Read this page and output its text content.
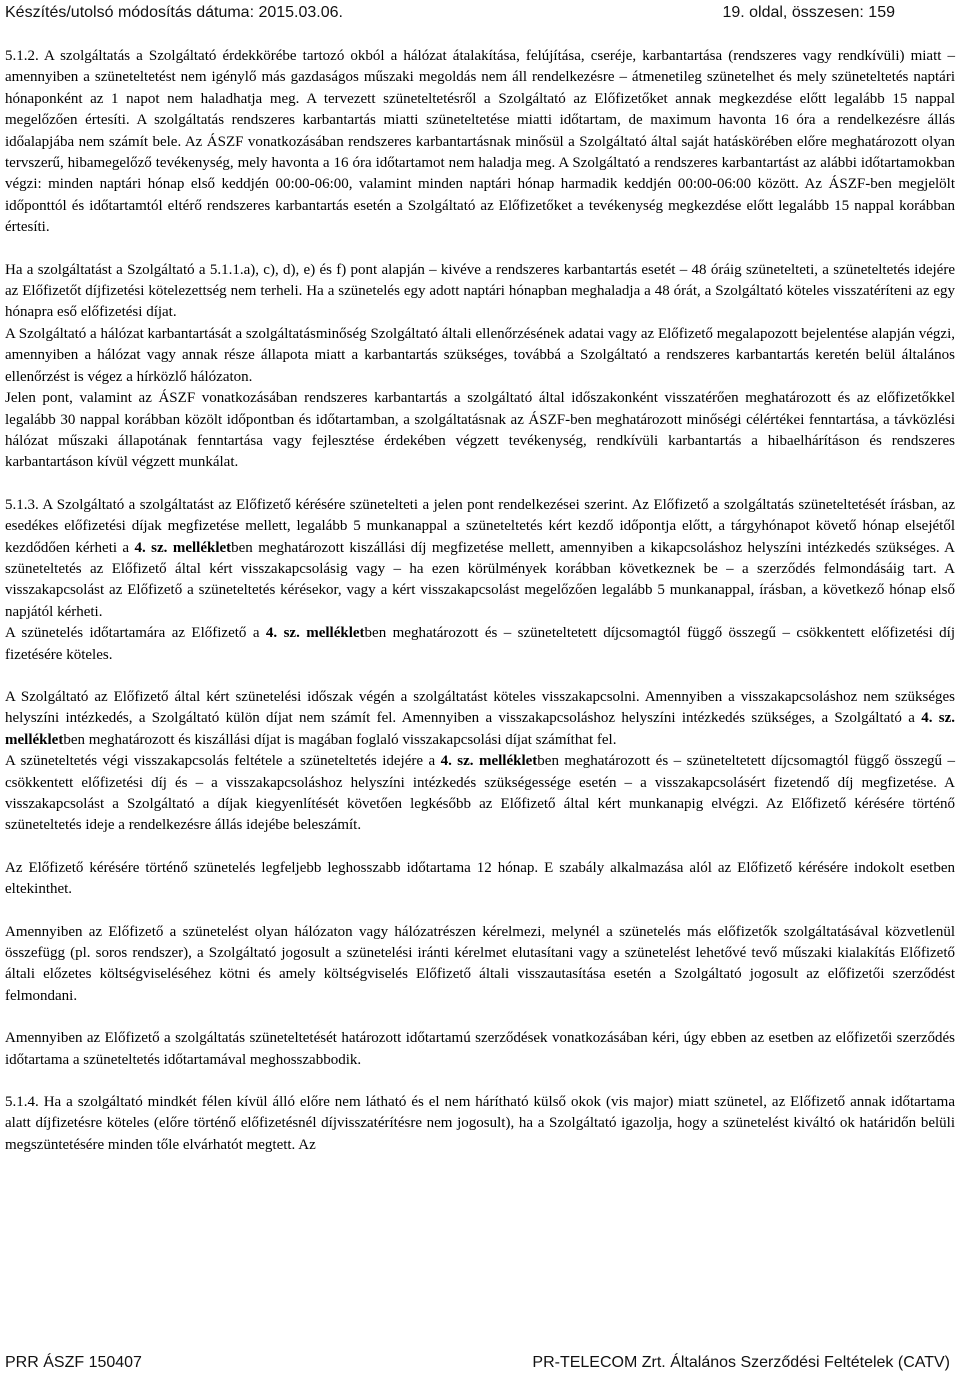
Készítés/utolsó módosítás dátuma: 2015.03.06.	19. oldal, összesen: 159

5.1.2. A szolgáltatás a Szolgáltató érdekkörébe tartozó okból a hálózat átalakítása, felújítása, cseréje, karbantartása (rendszeres vagy rendkívüli) miatt – amennyiben a szüneteltetést nem igénylő más gazdaságos műszaki megoldás nem áll rendelkezésre – átmenetileg szünetelhet és mely szüneteltetés naptári hónaponként az 1 napot nem haladhatja meg. A tervezett szüneteltetésről a Szolgáltató az Előfizetőket annak megkezdése előtt legalább 15 nappal megelőzően értesíti. A szolgáltatás rendszeres karbantartás miatti szüneteltetése miatti időtartam, de maximum havonta 16 óra a rendelkezésre állás időalapjába nem számít bele. Az ÁSZF vonatkozásában rendszeres karbantartásnak minősül a Szolgáltató által saját hatáskörében előre meghatározott olyan tervszerű, hibamegelőző tevékenység, mely havonta a 16 óra időtartamot nem haladja meg. A Szolgáltató a rendszeres karbantartást az alábbi időtartamokban végzi: minden naptári hónap első keddjén 00:00-06:00, valamint minden naptári hónap harmadik keddjén 00:00-06:00 között. Az ÁSZF-ben megjelölt időponttól és időtartamtól eltérő rendszeres karbantartás esetén a Szolgáltató az Előfizetőket a tevékenység megkezdése előtt legalább 15 nappal korábban értesíti.

Ha a szolgáltatást a Szolgáltató a 5.1.1.a), c), d), e) és f) pont alapján – kivéve a rendszeres karbantartás esetét – 48 óráig szünetelteti, a szüneteltetés idejére az Előfizetőt díjfizetési kötelezettség nem terheli. Ha a szünetelés egy adott naptári hónapban meghaladja a 48 órát, a Szolgáltató köteles visszatéríteni az egy hónapra eső előfizetési díjat.

A Szolgáltató a hálózat karbantartását a szolgáltatásminőség Szolgáltató általi ellenőrzésének adatai vagy az Előfizető megalapozott bejelentése alapján végzi, amennyiben a hálózat vagy annak része állapota miatt a karbantartás szükséges, továbbá a Szolgáltató a rendszeres karbantartás keretén belül általános ellenőrzést is végez a hírközlő hálózaton.

Jelen pont, valamint az ÁSZF vonatkozásában rendszeres karbantartás a szolgáltató által időszakonként visszatérően meghatározott és az előfizetőkkel legalább 30 nappal korábban közölt időpontban és időtartamban, a szolgáltatásnak az ÁSZF-ben meghatározott minőségi célértékei fenntartása, a távközlési hálózat műszaki állapotának fenntartása vagy fejlesztése érdekében végzett tevékenység, rendkívüli karbantartás a hibaelhárításon és rendszeres karbantartáson kívül végzett munkálat.

5.1.3. A Szolgáltató a szolgáltatást az Előfizető kérésére szünetelteti a jelen pont rendelkezései szerint. Az Előfizető a szolgáltatás szüneteltetését írásban, az esedékes előfizetési díjak megfizetése mellett, legalább 5 munkanappal a szüneteltetés kért kezdő időpontja előtt, a tárgyhónapot követő hónap elsejétől kezdődően kérheti a 4. sz. mellékletben meghatározott kiszállási díj megfizetése mellett, amennyiben a kikapcsoláshoz helyszíni intézkedés szükséges. A szüneteltetés az Előfizető által kért visszakapcsolásig vagy – ha ezen körülmények korábban következnek be – a szerződés felmondásáig tart. A visszakapcsolást az Előfizető a szüneteltetés kérésekor, vagy a kért visszakapcsolást megelőzően legalább 5 munkanappal, írásban, a következő hónap első napjától kérheti.

A szünetelés időtartamára az Előfizető a 4. sz. mellékletben meghatározott és – szüneteltetett díjcsomagtól függő összegű – csökkentett előfizetési díj fizetésére köteles.

A Szolgáltató az Előfizető által kért szünetelési időszak végén a szolgáltatást köteles visszakapcsolni. Amennyiben a visszakapcsoláshoz nem szükséges helyszíni intézkedés, a Szolgáltató külön díjat nem számít fel. Amennyiben a visszakapcsoláshoz helyszíni intézkedés szükséges, a Szolgáltató a 4. sz. mellékletben meghatározott és kiszállási díjat is magában foglaló visszakapcsolási díjat számíthat fel.

A szüneteltetés végi visszakapcsolás feltétele a szüneteltetés idejére a 4. sz. mellékletben meghatározott és – szüneteltetett díjcsomagtól függő összegű – csökkentett előfizetési díj és – a visszakapcsoláshoz helyszíni intézkedés szükségessége esetén – a visszakapcsolásért fizetendő díj megfizetése. A visszakapcsolást a Szolgáltató a díjak kiegyenlítését követően legkésőbb az Előfizető által kért munkanapig elvégzi. Az Előfizető kérésére történő szüneteltetés ideje a rendelkezésre állás idejébe beleszámít.

Az Előfizető kérésére történő szünetelés legfeljebb leghosszabb időtartama 12 hónap. E szabály alkalmazása alól az Előfizető kérésére indokolt esetben eltekinthet.

Amennyiben az Előfizető a szünetelést olyan hálózaton vagy hálózatrészen kérelmezi, melynél a szünetelés más előfizetők szolgáltatásával közvetlenül összefügg (pl. soros rendszer), a Szolgáltató jogosult a szünetelési iránti kérelmet elutasítani vagy a szünetelést lehetővé tevő műszaki kialakítás Előfizető általi előzetes költségviseléséhez kötni és amely költségviselés Előfizető általi visszautasítása esetén a Szolgáltató jogosult az előfizetői szerződést felmondani.

Amennyiben az Előfizető a szolgáltatás szüneteltetését határozott időtartamú szerződések vonatkozásában kéri, úgy ebben az esetben az előfizetői szerződés időtartama a szüneteltetés időtartamával meghosszabbodik.

5.1.4. Ha a szolgáltató mindkét félen kívül álló előre nem látható és el nem hárítható külső okok (vis major) miatt szünetel, az Előfizető annak időtartama alatt díjfizetésre köteles (előre történő előfizetésnél díjvisszatérítésre nem jogosult), ha a Szolgáltató igazolja, hogy a szünetelést kiváltó ok határidőn belüli megszüntetésére minden tőle elvárhatót megtett. Az

PRR ÁSZF 150407	PR-TELECOM Zrt. Általános Szerződési Feltételek (CATV)
